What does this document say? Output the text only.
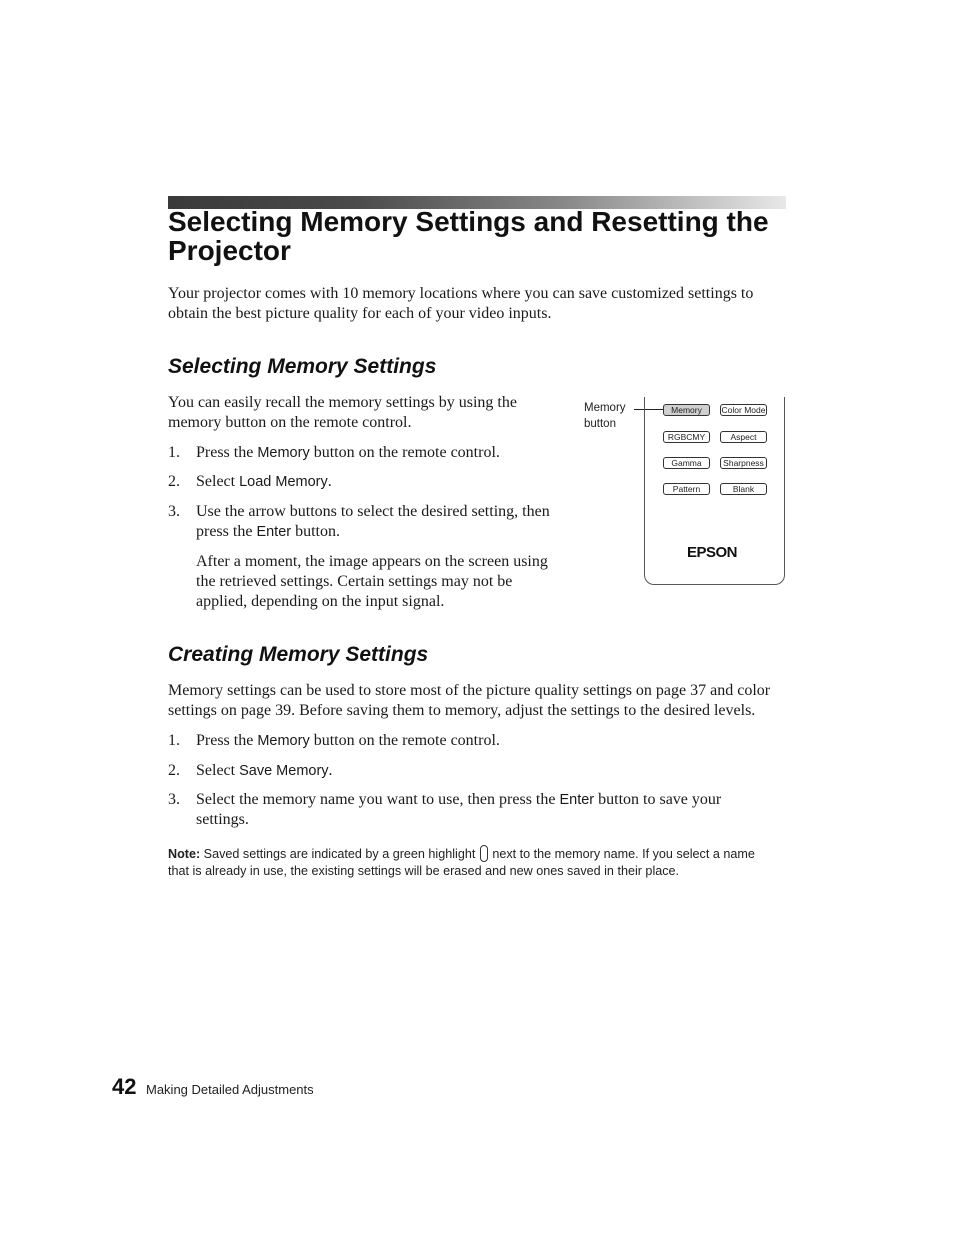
Selecting Memory Settings and Resetting the Projector

Your projector comes with 10 memory locations where you can save customized settings to obtain the best picture quality for each of your video inputs.

Selecting Memory Settings

You can easily recall the memory settings by using the memory button on the remote control.

1.	Press the Memory button on the remote control.
2.	Select Load Memory.
3.	Use the arrow buttons to select the desired setting, then press the Enter button.

After a moment, the image appears on the screen using the retrieved settings. Certain settings may not be applied, depending on the input signal.

Memory
button
Memory	Color Mode
RGBCMY	Aspect
Gamma	Sharpness
Pattern	Blank
EPSON
Creating Memory Settings

Memory settings can be used to store most of the picture quality settings on page 37 and color settings on page 39. Before saving them to memory, adjust the settings to the desired levels.

1.	Press the Memory button on the remote control.
2.	Select Save Memory.
3.	Select the memory name you want to use, then press the Enter button to save your settings.

Note: Saved settings are indicated by a green highlight  next to the memory name. If you select a name that is already in use, the existing settings will be erased and new ones saved in their place.

42 Making Detailed Adjustments
